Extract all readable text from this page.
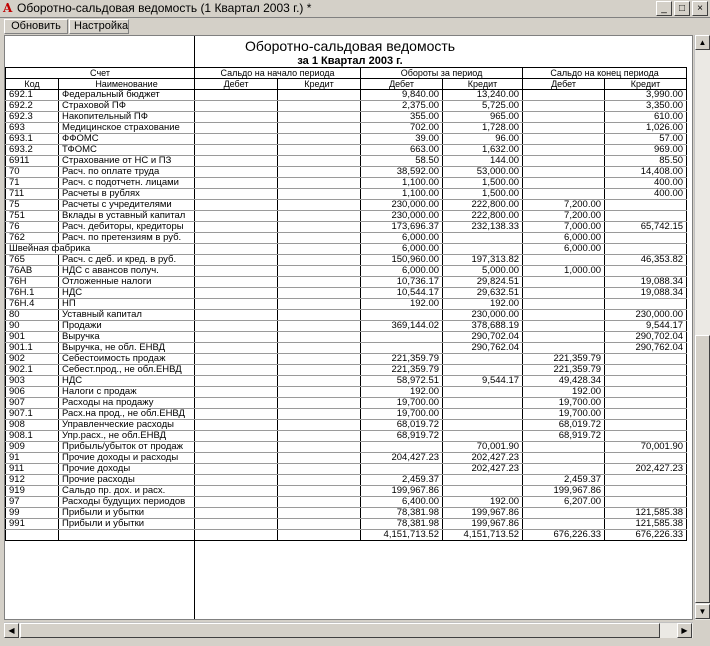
A Оборотно-сальдовая ведомость (1 Квартал 2003 г.) *	_	□	×
Обновить	Настройка
Оборотно-сальдовая ведомость
за 1 Квартал 2003 г.
Счет		Сальдо на начало периода		Обороты за период		Сальдо на конец периода	
Код	Наименование	Дебет	Кредит	Дебет	Кредит	Дебет	Кредит
692.1	Федеральный бюджет			9,840.00	13,240.00		3,990.00
692.2	Страховой ПФ			2,375.00	5,725.00		3,350.00
692.3	Накопительный ПФ			355.00	965.00		610.00
693	Медицинское страхование			702.00	1,728.00		1,026.00
693.1	ФФОМС			39.00	96.00		57.00
693.2	ТФОМС			663.00	1,632.00		969.00
6911	Страхование от НС и ПЗ			58.50	144.00		85.50
70	Расч. по оплате труда			38,592.00	53,000.00		14,408.00
71	Расч. с подотчетн. лицами			1,100.00	1,500.00		400.00
711	Расчеты в рублях			1,100.00	1,500.00		400.00
75	Расчеты с учредителями			230,000.00	222,800.00	7,200.00	
751	Вклады в уставный капитал			230,000.00	222,800.00	7,200.00	
76	Расч. дебиторы, кредиторы			173,696.37	232,138.33	7,000.00	65,742.15
762	Расч. по претензиям в руб.			6,000.00		6,000.00	
Швейная фабрика				6,000.00		6,000.00	
765	Расч. с деб. и кред. в руб.			150,960.00	197,313.82		46,353.82
76АВ	НДС с авансов получ.			6,000.00	5,000.00	1,000.00	
76Н	Отложенные налоги			10,736.17	29,824.51		19,088.34
76Н.1	НДС			10,544.17	29,632.51		19,088.34
76Н.4	НП			192.00	192.00		
80	Уставный капитал				230,000.00		230,000.00
90	Продажи			369,144.02	378,688.19		9,544.17
901	Выручка				290,702.04		290,702.04
901.1	Выручка, не обл. ЕНВД				290,762.04		290,762.04
902	Себестоимость продаж			221,359.79		221,359.79	
902.1	Себест.прод., не обл.ЕНВД			221,359.79		221,359.79	
903	НДС			58,972.51	9,544.17	49,428.34	
906	Налоги с продаж			192.00		192.00	
907	Расходы на продажу			19,700.00		19,700.00	
907.1	Расх.на прод., не обл.ЕНВД			19,700.00		19,700.00	
908	Управленческие расходы			68,019.72		68,019.72	
908.1	Упр.расх., не обл.ЕНВД			68,919.72		68,919.72	
909	Прибыль/убыток от продаж				70,001.90		70,001.90
91	Прочие доходы и расходы			204,427.23	202,427.23		
911	Прочие доходы				202,427.23		202,427.23
912	Прочие расходы			2,459.37		2,459.37	
919	Сальдо пр. дох. и расх.			199,967.86		199,967.86	
97	Расходы будущих периодов			6,400.00	192.00	6,207.00	
99	Прибыли и убытки			78,381.98	199,967.86		121,585.38
991	Прибыли и убытки			78,381.98	199,967.86		121,585.38
				4,151,713.52	4,151,713.52	676,226.33	676,226.33
▲
▼
◀	▶
